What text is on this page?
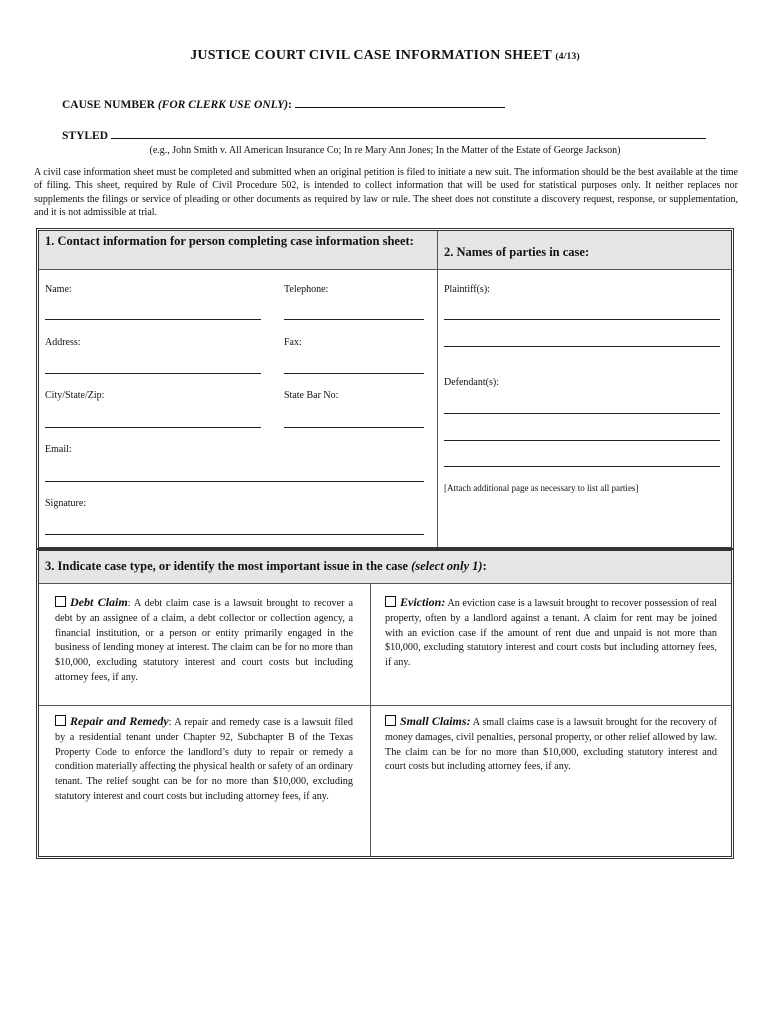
JUSTICE COURT CIVIL CASE INFORMATION SHEET (4/13)
CAUSE NUMBER (FOR CLERK USE ONLY):
STYLED
(e.g., John Smith v. All American Insurance Co; In re Mary Ann Jones; In the Matter of the Estate of George Jackson)
A civil case information sheet must be completed and submitted when an original petition is filed to initiate a new suit. The information should be the best available at the time of filing. This sheet, required by Rule of Civil Procedure 502, is intended to collect information that will be used for statistical purposes only. It neither replaces nor supplements the filings or service of pleading or other documents as required by law or rule. The sheet does not constitute a discovery request, response, or supplementation, and it is not admissible at trial.
1. Contact information for person completing case information sheet:
2. Names of parties in case:
Name:	Telephone:
Address:	Fax:
City/State/Zip:	State Bar No:
Email:
Signature:
Plaintiff(s):
Defendant(s):
[Attach additional page as necessary to list all parties]
3. Indicate case type, or identify the most important issue in the case (select only 1):
Debt Claim: A debt claim case is a lawsuit brought to recover a debt by an assignee of a claim, a debt collector or collection agency, a financial institution, or a person or entity primarily engaged in the business of lending money at interest. The claim can be for no more than $10,000, excluding statutory interest and court costs but including attorney fees, if any.
Eviction: An eviction case is a lawsuit brought to recover possession of real property, often by a landlord against a tenant. A claim for rent may be joined with an eviction case if the amount of rent due and unpaid is not more than $10,000, excluding statutory interest and court costs but including attorney fees, if any.
Repair and Remedy: A repair and remedy case is a lawsuit filed by a residential tenant under Chapter 92, Subchapter B of the Texas Property Code to enforce the landlord’s duty to repair or remedy a condition materially affecting the physical health or safety of an ordinary tenant. The relief sought can be for no more than $10,000, excluding statutory interest and court costs but including attorney fees, if any.
Small Claims: A small claims case is a lawsuit brought for the recovery of money damages, civil penalties, personal property, or other relief allowed by law. The claim can be for no more than $10,000, excluding statutory interest and court costs but including attorney fees, if any.
